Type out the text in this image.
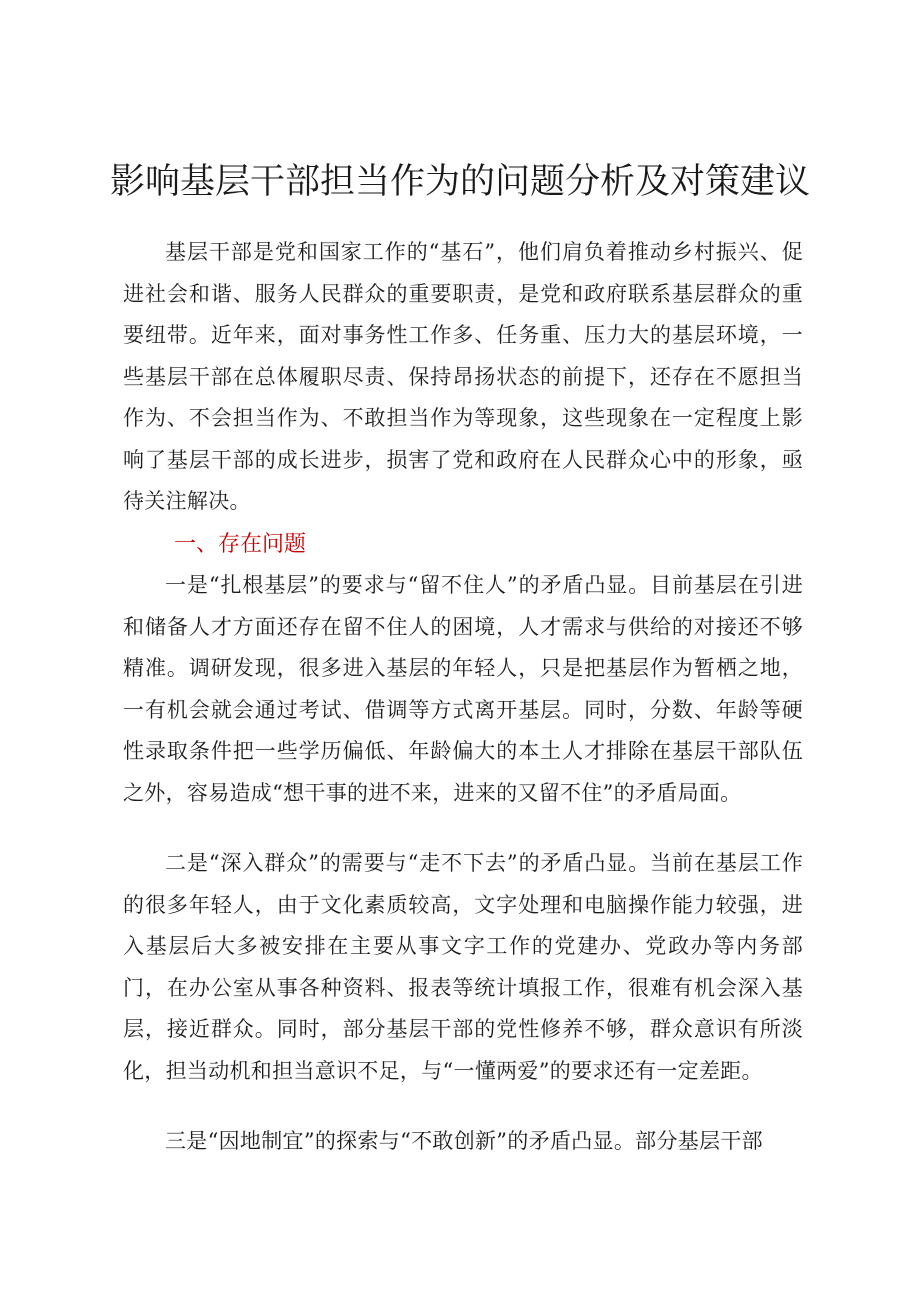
影响基层干部担当作为的问题分析及对策建议

基层干部是党和国家工作的“基石”，他们肩负着推动乡村振兴、促进社会和谐、服务人民群众的重要职责，是党和政府联系基层群众的重要纽带。近年来，面对事务性工作多、任务重、压力大的基层环境，一些基层干部在总体履职尽责、保持昂扬状态的前提下，还存在不愿担当作为、不会担当作为、不敢担当作为等现象，这些现象在一定程度上影响了基层干部的成长进步，损害了党和政府在人民群众心中的形象，亟待关注解决。

一、存在问题

一是“扎根基层”的要求与“留不住人”的矛盾凸显。目前基层在引进和储备人才方面还存在留不住人的困境，人才需求与供给的对接还不够精准。调研发现，很多进入基层的年轻人，只是把基层作为暂栖之地，一有机会就会通过考试、借调等方式离开基层。同时，分数、年龄等硬性录取条件把一些学历偏低、年龄偏大的本土人才排除在基层干部队伍之外，容易造成“想干事的进不来，进来的又留不住”的矛盾局面。

二是“深入群众”的需要与“走不下去”的矛盾凸显。当前在基层工作的很多年轻人，由于文化素质较高，文字处理和电脑操作能力较强，进入基层后大多被安排在主要从事文字工作的党建办、党政办等内务部门，在办公室从事各种资料、报表等统计填报工作，很难有机会深入基层，接近群众。同时，部分基层干部的党性修养不够，群众意识有所淡化，担当动机和担当意识不足，与“一懂两爱”的要求还有一定差距。

三是“因地制宜”的探索与“不敢创新”的矛盾凸显。部分基层干部
